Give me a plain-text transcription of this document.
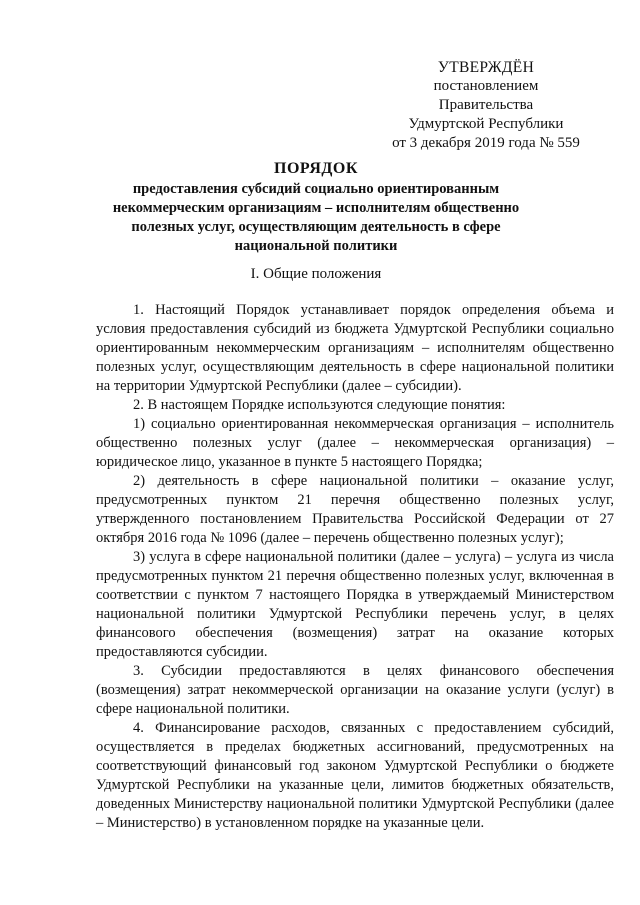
УТВЕРЖДЁН
постановлением Правительства
Удмуртской Республики
от 3 декабря 2019 года № 559
ПОРЯДОК
предоставления субсидий социально ориентированным некоммерческим организациям – исполнителям общественно полезных услуг, осуществляющим деятельность в сфере национальной политики
I. Общие положения

1. Настоящий Порядок устанавливает порядок определения объема и условия предоставления субсидий из бюджета Удмуртской Республики социально ориентированным некоммерческим организациям – исполнителям общественно полезных услуг, осуществляющим деятельность в сфере национальной политики на территории Удмуртской Республики (далее – субсидии).

2. В настоящем Порядке используются следующие понятия:

1) социально ориентированная некоммерческая организация – исполнитель общественно полезных услуг (далее – некоммерческая организация) – юридическое лицо, указанное в пункте 5 настоящего Порядка;

2) деятельность в сфере национальной политики – оказание услуг, предусмотренных пунктом 21 перечня общественно полезных услуг, утвержденного постановлением Правительства Российской Федерации от 27 октября 2016 года № 1096 (далее – перечень общественно полезных услуг);

3) услуга в сфере национальной политики (далее – услуга) – услуга из числа предусмотренных пунктом 21 перечня общественно полезных услуг, включенная в соответствии с пунктом 7 настоящего Порядка в утверждаемый Министерством национальной политики Удмуртской Республики перечень услуг, в целях финансового обеспечения (возмещения) затрат на оказание которых предоставляются субсидии.

3. Субсидии предоставляются в целях финансового обеспечения (возмещения) затрат некоммерческой организации на оказание услуги (услуг) в сфере национальной политики.

4. Финансирование расходов, связанных с предоставлением субсидий, осуществляется в пределах бюджетных ассигнований, предусмотренных на соответствующий финансовый год законом Удмуртской Республики о бюджете Удмуртской Республики на указанные цели, лимитов бюджетных обязательств, доведенных Министерству национальной политики Удмуртской Республики (далее – Министерство) в установленном порядке на указанные цели.
